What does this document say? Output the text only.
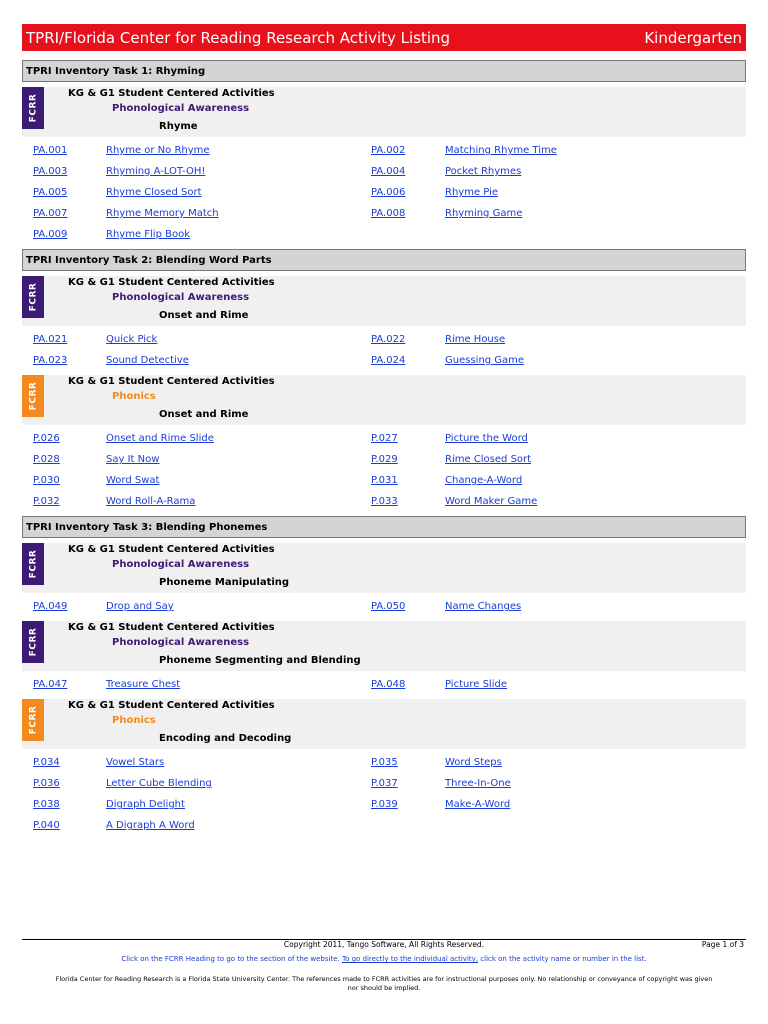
TPRI/Florida Center for Reading Research Activity Listing	Kindergarten
TPRI Inventory Task 1: Rhyming
FCRR
KG & G1 Student Centered Activities
Phonological Awareness
Rhyme
PA.001	Rhyme or No Rhyme	PA.002	Matching Rhyme Time
PA.003	Rhyming A-LOT-OH!	PA.004	Pocket Rhymes
PA.005	Rhyme Closed Sort	PA.006	Rhyme Pie
PA.007	Rhyme Memory Match	PA.008	Rhyming Game
PA.009	Rhyme Flip Book
TPRI Inventory Task 2: Blending Word Parts
FCRR
KG & G1 Student Centered Activities
Phonological Awareness
Onset and Rime
PA.021	Quick Pick	PA.022	Rime House
PA.023	Sound Detective	PA.024	Guessing Game
FCRR
KG & G1 Student Centered Activities
Phonics
Onset and Rime
P.026	Onset and Rime Slide	P.027	Picture the Word
P.028	Say It Now	P.029	Rime Closed Sort
P.030	Word Swat	P.031	Change-A-Word
P.032	Word Roll-A-Rama	P.033	Word Maker Game
TPRI Inventory Task 3: Blending Phonemes
FCRR
KG & G1 Student Centered Activities
Phonological Awareness
Phoneme Manipulating
PA.049	Drop and Say	PA.050	Name Changes
FCRR
KG & G1 Student Centered Activities
Phonological Awareness
Phoneme Segmenting and Blending
PA.047	Treasure Chest	PA.048	Picture Slide
FCRR
KG & G1 Student Centered Activities
Phonics
Encoding and Decoding
P.034	Vowel Stars	P.035	Word Steps
P.036	Letter Cube Blending	P.037	Three-In-One
P.038	Digraph Delight	P.039	Make-A-Word
P.040	A Digraph A Word
Copyright 2011, Tango Software, All Rights Reserved.	Page 1 of 3
Click on the FCRR Heading to go to the section of the website. To go directly to the individual activity, click on the activity name or number in the list.
Florida Center for Reading Research is a Florida State University Center. The references made to FCRR activities are for instructional purposes only. No relationship or conveyance of copyright was given nor should be implied.
